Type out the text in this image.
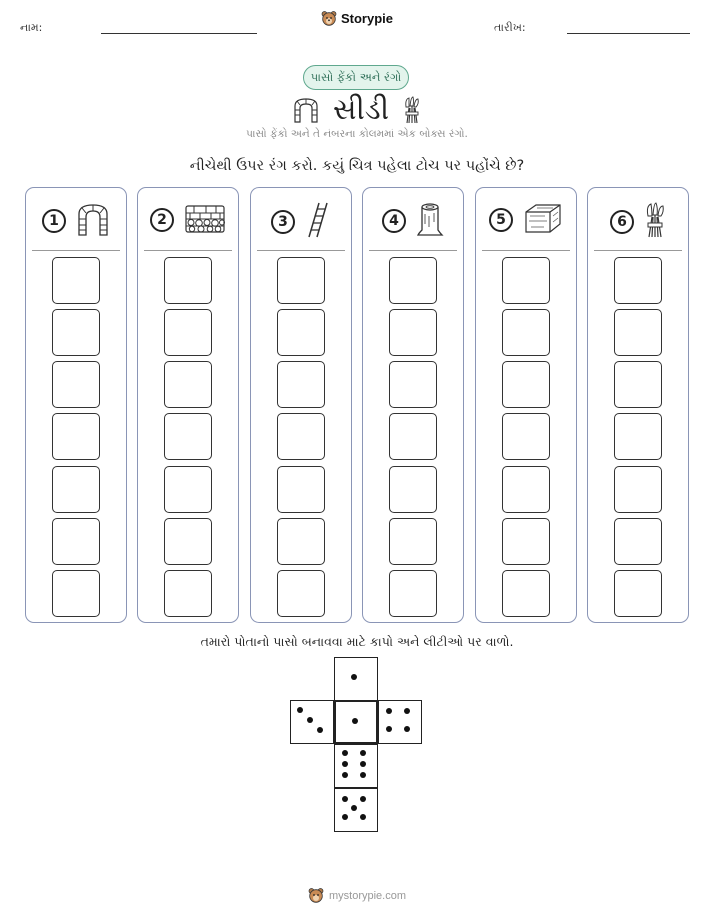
નામ:
Storypie
તારીખ:
પાસો ફેંકો અને રંગો
સીડી
પાસો ફેંકો અને તે નંબરના કોલમમાં એક બોક્સ રંગો.
નીચેથી ઉપર રંગ કરો. કયું ચિત્ર પહેલા ટોચ પર પહોંચે છે?
1	2	3	4	5	6
તમારો પોતાનો પાસો બનાવવા માટે કાપો અને લીટીઓ પર વાળો.
mystorypie.com
